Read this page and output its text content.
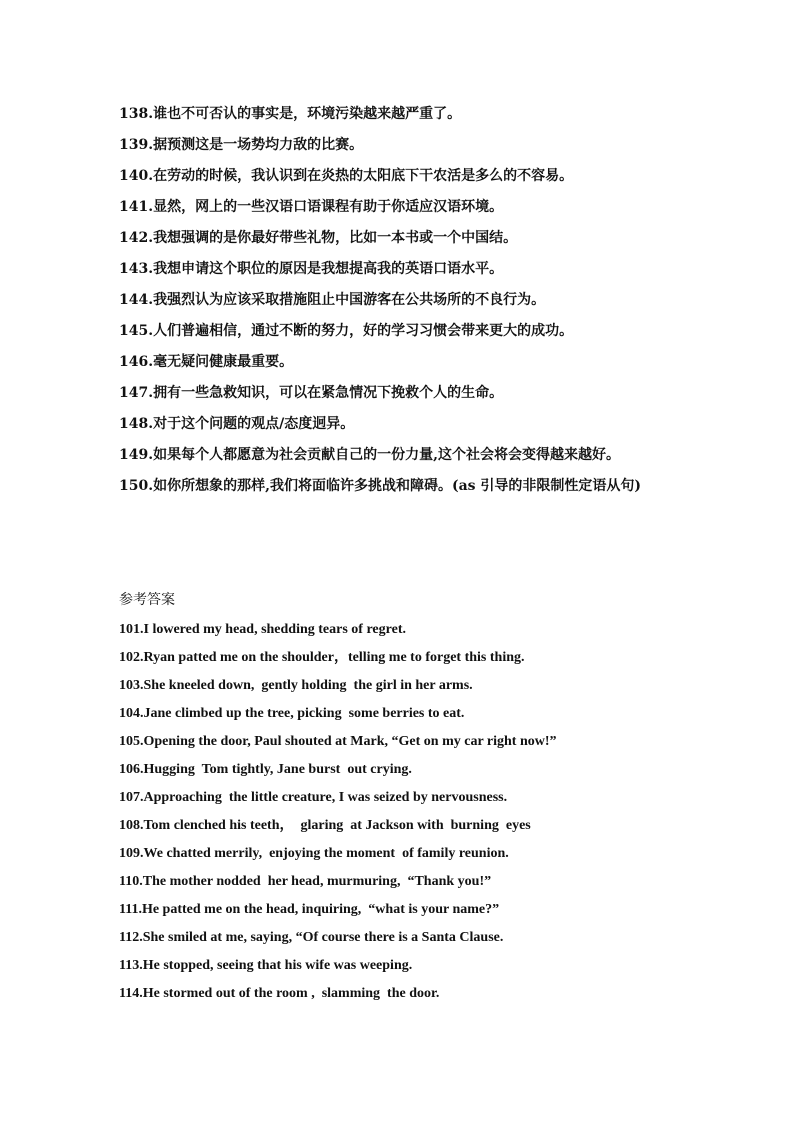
138.谁也不可否认的事实是，环境污染越来越严重了。
139.据预测这是一场势均力敌的比赛。
140.在劳动的时候，我认识到在炎热的太阳底下干农活是多么的不容易。
141.显然，网上的一些汉语口语课程有助于你适应汉语环境。
142.我想强调的是你最好带些礼物，比如一本书或一个中国结。
143.我想申请这个职位的原因是我想提高我的英语口语水平。
144.我强烈认为应该采取措施阻止中国游客在公共场所的不良行为。
145.人们普遍相信，通过不断的努力，好的学习习惯会带来更大的成功。
146.毫无疑问健康最重要。
147.拥有一些急救知识，可以在紧急情况下挽救个人的生命。
148.对于这个问题的观点/态度迥异。
149.如果每个人都愿意为社会贡献自己的一份力量,这个社会将会变得越来越好。
150.如你所想象的那样,我们将面临许多挑战和障碍。(as 引导的非限制性定语从句)
参考答案
101.I lowered my head, shedding tears of regret.
102.Ryan patted me on the shoulder，telling me to forget this thing.
103.She kneeled down,  gently holding  the girl in her arms.
104.Jane climbed up the tree, picking  some berries to eat.
105.Opening the door, Paul shouted at Mark, “Get on my car right now!”
106.Hugging  Tom tightly, Jane burst  out crying.
107.Approaching  the little creature, I was seized by nervousness.
108.Tom clenched his teeth，  glaring  at Jackson with  burning  eyes
109.We chatted merrily,  enjoying the moment  of family reunion.
110.The mother nodded  her head, murmuring,  “Thank you!”
111.He patted me on the head, inquiring,  “what is your name?”
112.She smiled at me, saying, “Of course there is a Santa Clause.
113.He stopped, seeing that his wife was weeping.
114.He stormed out of the room ,  slamming  the door.
